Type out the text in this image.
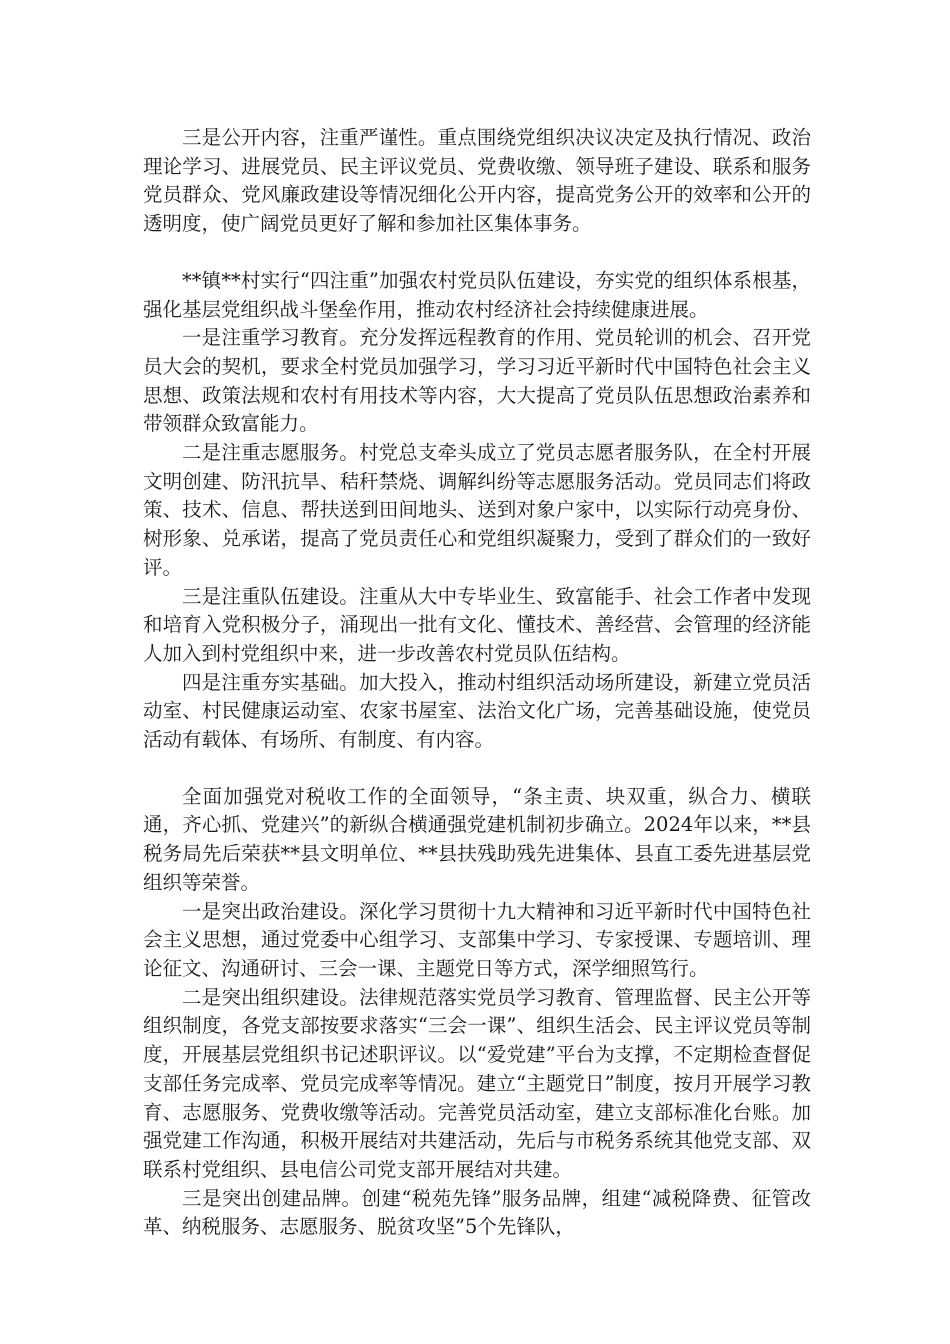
三是公开内容，注重严谨性。重点围绕党组织决议决定及执行情况、政治理论学习、进展党员、民主评议党员、党费收缴、领导班子建设、联系和服务党员群众、党风廉政建设等情况细化公开内容，提高党务公开的效率和公开的透明度，使广阔党员更好了解和参加社区集体事务。

**镇**村实行“四注重”加强农村党员队伍建设，夯实党的组织体系根基，强化基层党组织战斗堡垒作用，推动农村经济社会持续健康进展。

一是注重学习教育。充分发挥远程教育的作用、党员轮训的机会、召开党员大会的契机，要求全村党员加强学习，学习习近平新时代中国特色社会主义思想、政策法规和农村有用技术等内容，大大提高了党员队伍思想政治素养和带领群众致富能力。

二是注重志愿服务。村党总支牵头成立了党员志愿者服务队，在全村开展文明创建、防汛抗旱、秸秆禁烧、调解纠纷等志愿服务活动。党员同志们将政策、技术、信息、帮扶送到田间地头、送到对象户家中，以实际行动亮身份、树形象、兑承诺，提高了党员责任心和党组织凝聚力，受到了群众们的一致好评。

三是注重队伍建设。注重从大中专毕业生、致富能手、社会工作者中发现和培育入党积极分子，涌现出一批有文化、懂技术、善经营、会管理的经济能人加入到村党组织中来，进一步改善农村党员队伍结构。

四是注重夯实基础。加大投入，推动村组织活动场所建设，新建立党员活动室、村民健康运动室、农家书屋室、法治文化广场，完善基础设施，使党员活动有载体、有场所、有制度、有内容。

全面加强党对税收工作的全面领导，“条主责、块双重，纵合力、横联通，齐心抓、党建兴”的新纵合横通强党建机制初步确立。2024年以来，**县税务局先后荣获**县文明单位、**县扶残助残先进集体、县直工委先进基层党组织等荣誉。

一是突出政治建设。深化学习贯彻十九大精神和习近平新时代中国特色社会主义思想，通过党委中心组学习、支部集中学习、专家授课、专题培训、理论征文、沟通研讨、三会一课、主题党日等方式，深学细照笃行。

二是突出组织建设。法律规范落实党员学习教育、管理监督、民主公开等组织制度，各党支部按要求落实“三会一课”、组织生活会、民主评议党员等制度，开展基层党组织书记述职评议。以“爱党建”平台为支撑，不定期检查督促支部任务完成率、党员完成率等情况。建立“主题党日”制度，按月开展学习教育、志愿服务、党费收缴等活动。完善党员活动室，建立支部标准化台账。加强党建工作沟通，积极开展结对共建活动，先后与市税务系统其他党支部、双联系村党组织、县电信公司党支部开展结对共建。

三是突出创建品牌。创建“税苑先锋”服务品牌，组建“减税降费、征管改革、纳税服务、志愿服务、脱贫攻坚”5个先锋队，
